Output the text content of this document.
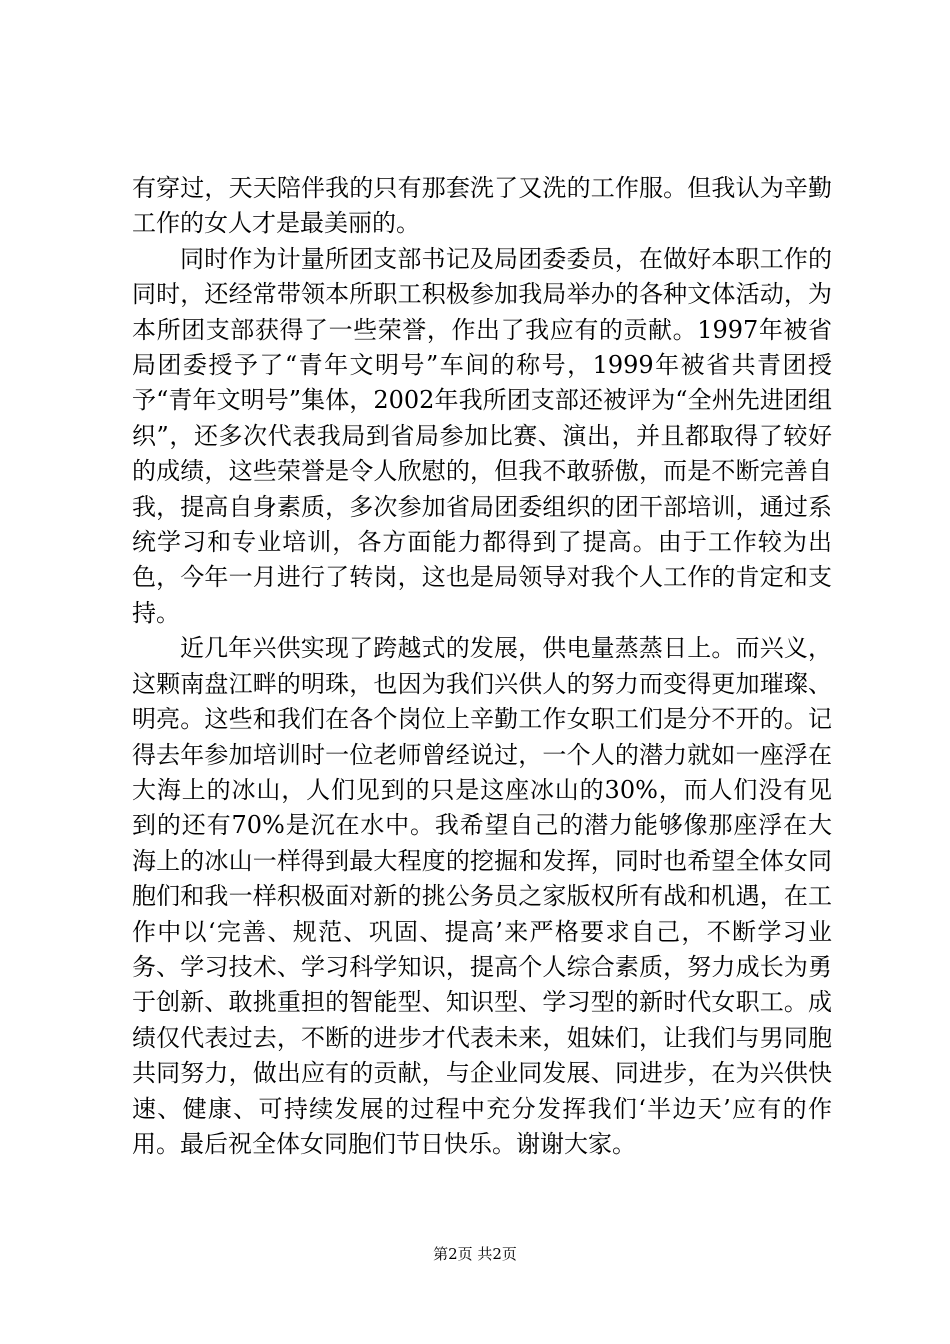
有穿过，天天陪伴我的只有那套洗了又洗的工作服。但我认为辛勤工作的女人才是最美丽的。

同时作为计量所团支部书记及局团委委员，在做好本职工作的同时，还经常带领本所职工积极参加我局举办的各种文体活动，为本所团支部获得了一些荣誉，作出了我应有的贡献。1997年被省局团委授予了“青年文明号”车间的称号，1999年被省共青团授予“青年文明号”集体，2002年我所团支部还被评为“全州先进团组织”，还多次代表我局到省局参加比赛、演出，并且都取得了较好的成绩，这些荣誉是令人欣慰的，但我不敢骄傲，而是不断完善自我，提高自身素质，多次参加省局团委组织的团干部培训，通过系统学习和专业培训，各方面能力都得到了提高。由于工作较为出色，今年一月进行了转岗，这也是局领导对我个人工作的肯定和支持。

近几年兴供实现了跨越式的发展，供电量蒸蒸日上。而兴义，这颗南盘江畔的明珠，也因为我们兴供人的努力而变得更加璀璨、明亮。这些和我们在各个岗位上辛勤工作女职工们是分不开的。记得去年参加培训时一位老师曾经说过，一个人的潜力就如一座浮在大海上的冰山，人们见到的只是这座冰山的30%，而人们没有见到的还有70%是沉在水中。我希望自己的潜力能够像那座浮在大海上的冰山一样得到最大程度的挖掘和发挥，同时也希望全体女同胞们和我一样积极面对新的挑公务员之家版权所有战和机遇，在工作中以‘完善、规范、巩固、提高’来严格要求自己，不断学习业务、学习技术、学习科学知识，提高个人综合素质，努力成长为勇于创新、敢挑重担的智能型、知识型、学习型的新时代女职工。成绩仅代表过去，不断的进步才代表未来，姐妹们，让我们与男同胞共同努力，做出应有的贡献，与企业同发展、同进步，在为兴供快速、健康、可持续发展的过程中充分发挥我们‘半边天’应有的作用。最后祝全体女同胞们节日快乐。谢谢大家。

第2页 共2页
